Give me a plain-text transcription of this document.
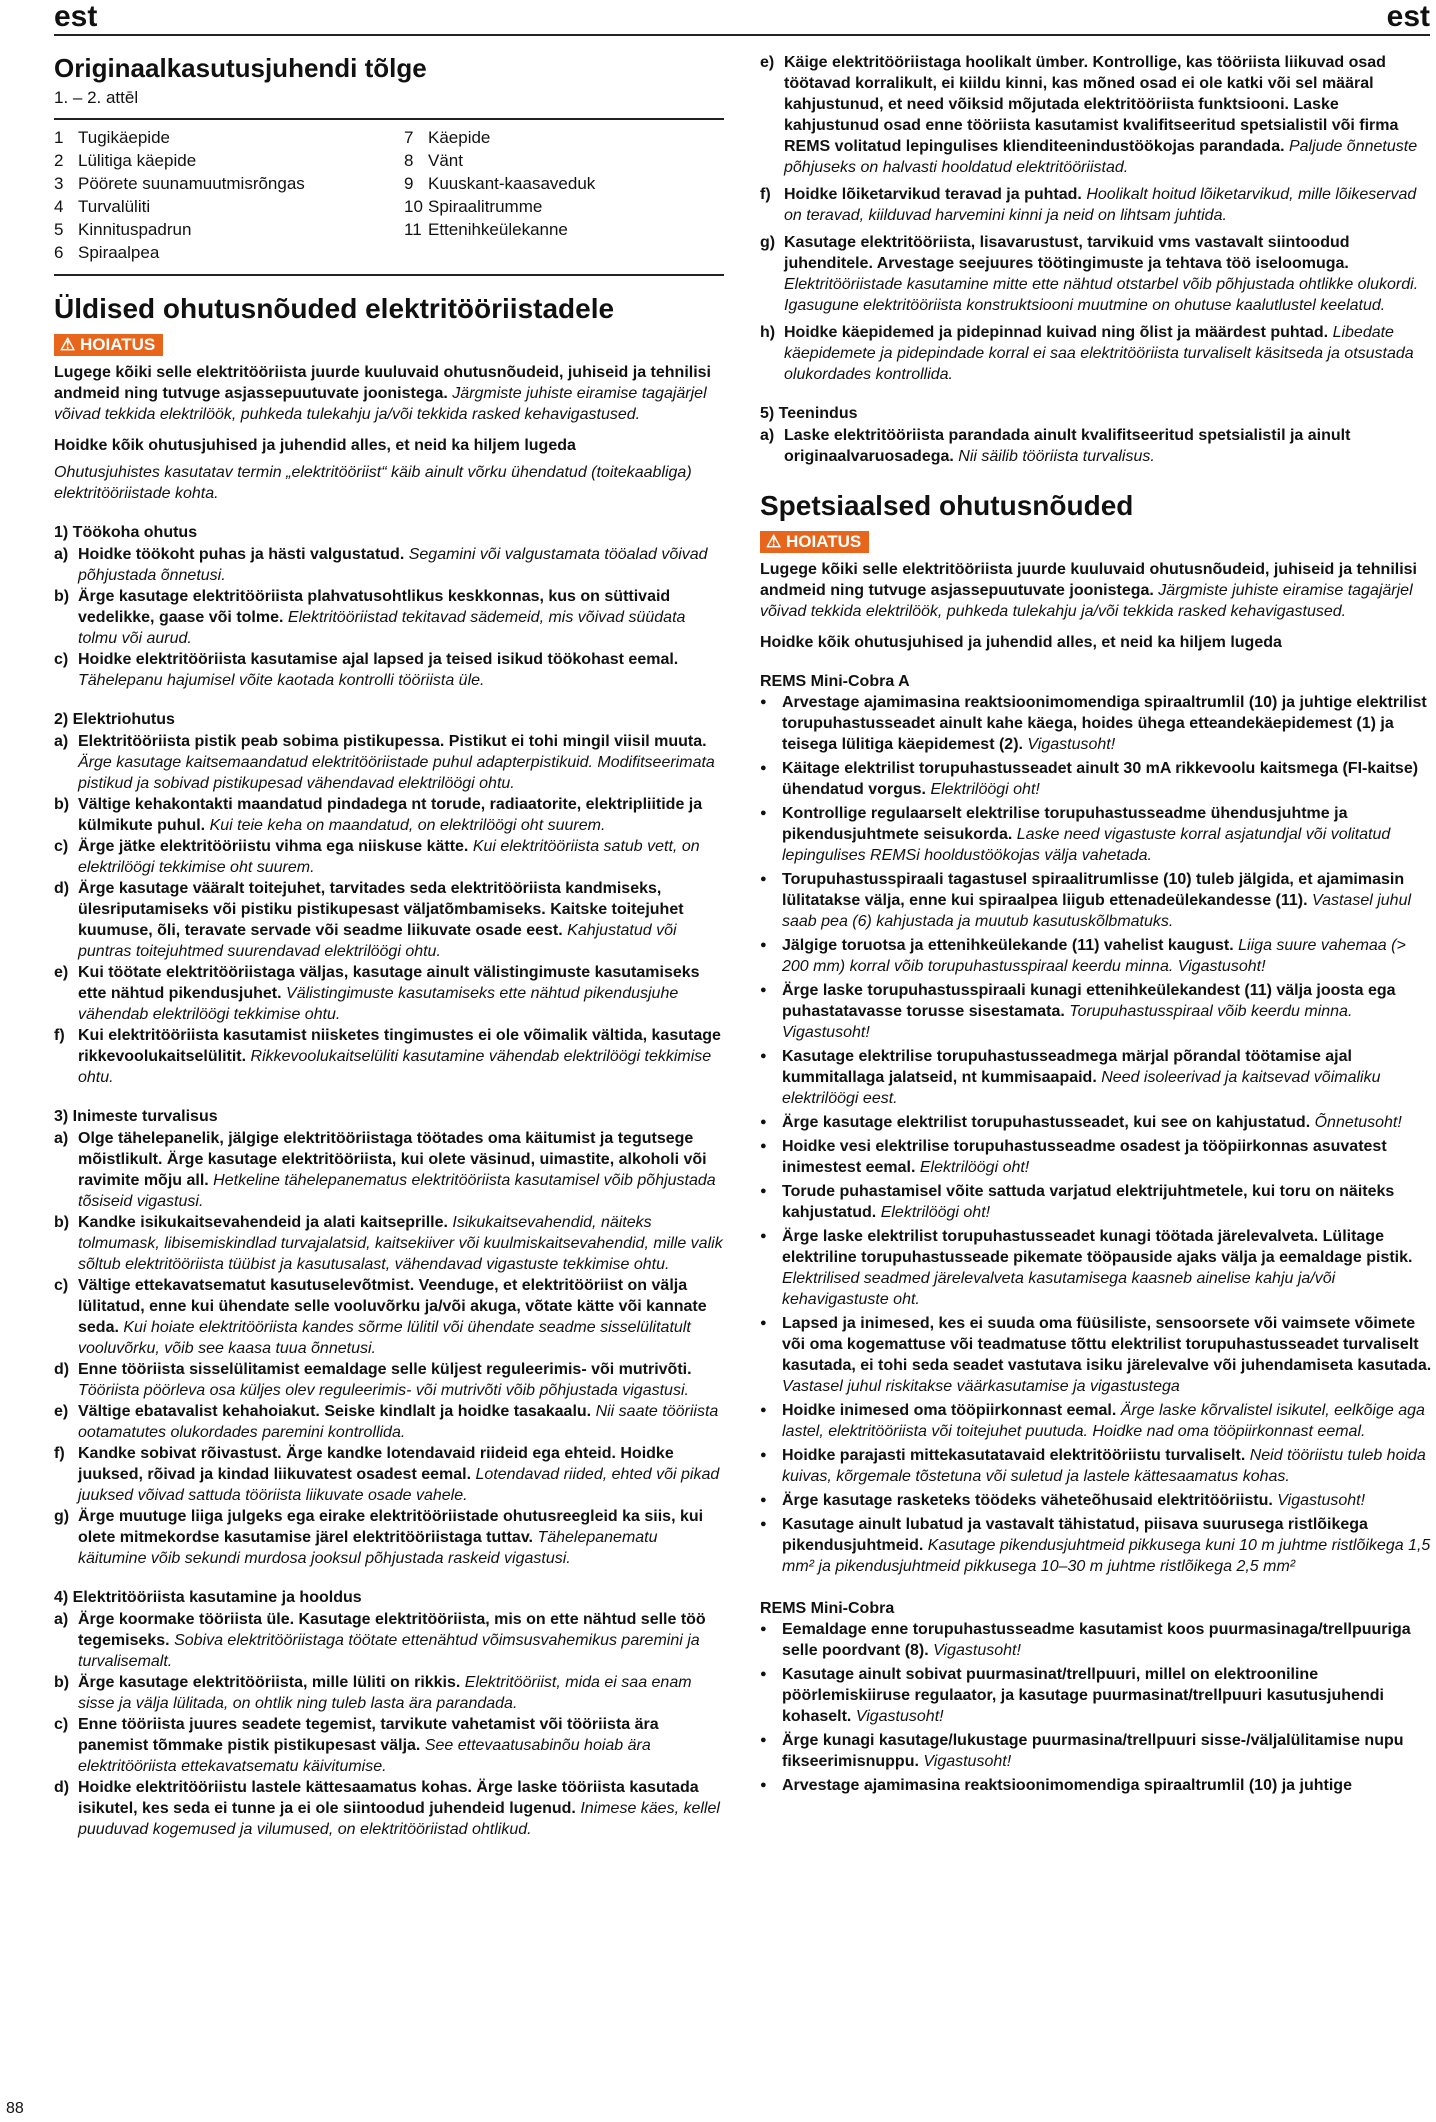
est	est
Originaalkasutusjuhendi tõlge
1. – 2. attēl
1 Tugikäepide	7 Käepide
2 Lülitiga käepide	8 Vänt
3 Pöörete suunamuutmisrõngas	9 Kuuskant-kaasaveduk
4 Turvalüliti	10 Spiraalitrumme
5 Kinnituspadrun	11 Ettenihkeülekanne
6 Spiraalpea
Üldised ohutusnõuded elektritööriistadele
⚠ HOIATUS

Lugege kõiki selle elektritööriista juurde kuuluvaid ohutusnõudeid, juhiseid ja tehnilisi andmeid ning tutvuge asjassepuutuvate joonistega. Järgmiste juhiste eiramise tagajärjel võivad tekkida elektrilöök, puhkeda tulekahju ja/või tekkida rasked kehavigastused.

Hoidke kõik ohutusjuhised ja juhendid alles, et neid ka hiljem lugeda

Ohutusjuhistes kasutatav termin „elektritööriist“ käib ainult võrku ühendatud (toitekaabliga) elektritööriistade kohta.

1) Töökoha ohutus
a) Hoidke töökoht puhas ja hästi valgustatud. Segamini või valgustamata tööalad võivad põhjustada õnnetusi.
b) Ärge kasutage elektritööriista plahvatusohtlikus keskkonnas, kus on süttivaid vedelikke, gaase või tolme. Elektritööriistad tekitavad sädemeid, mis võivad süüdata tolmu või aurud.
c) Hoidke elektritööriista kasutamise ajal lapsed ja teised isikud töökohast eemal. Tähelepanu hajumisel võite kaotada kontrolli tööriista üle.
2) Elektriohutus
a) Elektritööriista pistik peab sobima pistikupessa. Pistikut ei tohi mingil viisil muuta. Ärge kasutage kaitsemaandatud elektritööriistade puhul adapterpistikuid. Modifitseerimata pistikud ja sobivad pistikupesad vähendavad elektrilöögi ohtu.
b) Vältige kehakontakti maandatud pindadega nt torude, radiaatorite, elektripliitide ja külmikute puhul. Kui teie keha on maandatud, on elektrilöögi oht suurem.
c) Ärge jätke elektritööriistu vihma ega niiskuse kätte. Kui elektritööriista satub vett, on elektrilöögi tekkimise oht suurem.
d) Ärge kasutage vääralt toitejuhet, tarvitades seda elektritööriista kandmiseks, ülesriputamiseks või pistiku pistikupesast väljatõmbamiseks. Kaitske toitejuhet kuumuse, õli, teravate servade või seadme liikuvate osade eest. Kahjustatud või puntras toitejuhtmed suurendavad elektrilöögi ohtu.
e) Kui töötate elektritööriistaga väljas, kasutage ainult välistingimuste kasutamiseks ette nähtud pikendusjuhet. Välistingimuste kasutamiseks ette nähtud pikendusjuhe vähendab elektrilöögi tekkimise ohtu.
f) Kui elektritööriista kasutamist niisketes tingimustes ei ole võimalik vältida, kasutage rikkevoolukaitselülitit. Rikkevoolukaitselüliti kasutamine vähendab elektrilöögi tekkimise ohtu.
3) Inimeste turvalisus
a) Olge tähelepanelik, jälgige elektritööriistaga töötades oma käitumist ja tegutsege mõistlikult. Ärge kasutage elektritööriista, kui olete väsinud, uimastite, alkoholi või ravimite mõju all. Hetkeline tähelepanematus elektritööriista kasutamisel võib põhjustada tõsiseid vigastusi.
b) Kandke isikukaitsevahendeid ja alati kaitseprille. Isikukaitsevahendid, näiteks tolmumask, libisemiskindlad turvajalatsid, kaitsekiiver või kuulmiskaitsevahendid, mille valik sõltub elektritööriista tüübist ja kasutusalast, vähendavad vigastuste tekkimise ohtu.
c) Vältige ettekavatsematut kasutuselevõtmist. Veenduge, et elektritööriist on välja lülitatud, enne kui ühendate selle vooluvõrku ja/või akuga, võtate kätte või kannate seda. Kui hoiate elektritööriista kandes sõrme lülitil või ühendate seadme sisselülitatult vooluvõrku, võib see kaasa tuua õnnetusi.
d) Enne tööriista sisselülitamist eemaldage selle küljest reguleerimis- või mutrivõti. Tööriista pöörleva osa küljes olev reguleerimis- või mutrivõti võib põhjustada vigastusi.
e) Vältige ebatavalist kehahoiakut. Seiske kindlalt ja hoidke tasakaalu. Nii saate tööriista ootamatutes olukordades paremini kontrollida.
f) Kandke sobivat rõivastust. Ärge kandke lotendavaid riideid ega ehteid. Hoidke juuksed, rõivad ja kindad liikuvatest osadest eemal. Lotendavad riided, ehted või pikad juuksed võivad sattuda tööriista liikuvate osade vahele.
g) Ärge muutuge liiga julgeks ega eirake elektritööriistade ohutusreegleid ka siis, kui olete mitmekordse kasutamise järel elektritööriistaga tuttav. Tähelepanematu käitumine võib sekundi murdosa jooksul põhjustada raskeid vigastusi.
4) Elektritööriista kasutamine ja hooldus
a) Ärge koormake tööriista üle. Kasutage elektritööriista, mis on ette nähtud selle töö tegemiseks. Sobiva elektritööriistaga töötate ettenähtud võimsusvahemikus paremini ja turvalisemalt.
b) Ärge kasutage elektritööriista, mille lüliti on rikkis. Elektritööriist, mida ei saa enam sisse ja välja lülitada, on ohtlik ning tuleb lasta ära parandada.
c) Enne tööriista juures seadete tegemist, tarvikute vahetamist või tööriista ära panemist tõmmake pistik pistikupesast välja. See ettevaatusabinõu hoiab ära elektritööriista ettekavatsematu käivitumise.
d) Hoidke elektritööriistu lastele kättesaamatus kohas. Ärge laske tööriista kasutada isikutel, kes seda ei tunne ja ei ole siintoodud juhendeid lugenud. Inimese käes, kellel puuduvad kogemused ja vilumused, on elektritööriistad ohtlikud.
e) Käige elektritööriistaga hoolikalt ümber. Kontrollige, kas tööriista liikuvad osad töötavad korralikult, ei kiildu kinni, kas mõned osad ei ole katki või sel määral kahjustunud, et need võiksid mõjutada elektritööriista funktsiooni. Laske kahjustunud osad enne tööriista kasutamist kvalifitseeritud spetsialistil või firma REMS volitatud lepingulises klienditeenindustöökojas parandada. Paljude õnnetuste põhjuseks on halvasti hooldatud elektritööriistad.
f) Hoidke lõiketarvikud teravad ja puhtad. Hoolikalt hoitud lõiketarvikud, mille lõikeservad on teravad, kiilduvad harvemini kinni ja neid on lihtsam juhtida.
g) Kasutage elektritööriista, lisavarustust, tarvikuid vms vastavalt siintoodud juhenditele. Arvestage seejuures töötingimuste ja tehtava töö iseloomuga. Elektritööriistade kasutamine mitte ette nähtud otstarbel võib põhjustada ohtlikke olukordi. Igasugune elektritööriista konstruktsiooni muutmine on ohutuse kaalutlustel keelatud.
h) Hoidke käepidemed ja pidepinnad kuivad ning õlist ja määrdest puhtad. Libedate käepidemete ja pidepindade korral ei saa elektritööriista turvaliselt käsitseda ja otsustada olukordades kontrollida.
5) Teenindus
a) Laske elektritööriista parandada ainult kvalifitseeritud spetsialistil ja ainult originaalvaruosadega. Nii säilib tööriista turvalisus.
Spetsiaalsed ohutusnõuded
⚠ HOIATUS

Lugege kõiki selle elektritööriista juurde kuuluvaid ohutusnõudeid, juhiseid ja tehnilisi andmeid ning tutvuge asjassepuutuvate joonistega. Järgmiste juhiste eiramise tagajärjel võivad tekkida elektrilöök, puhkeda tulekahju ja/või tekkida rasked kehavigastused.

Hoidke kõik ohutusjuhised ja juhendid alles, et neid ka hiljem lugeda

REMS Mini-Cobra A

● Arvestage ajamimasina reaktsioonimomendiga spiraaltrumlil (10) ja juhtige elektrilist torupuhastusseadet ainult kahe käega, hoides ühega etteandekäepidemest (1) ja teisega lülitiga käepidemest (2). Vigastusoht!
● Käitage elektrilist torupuhastusseadet ainult 30 mA rikkevoolu kaitsmega (FI-kaitse) ühendatud vorgus. Elektrilöögi oht!
● Kontrollige regulaarselt elektrilise torupuhastusseadme ühendusjuhtme ja pikendusjuhtmete seisukorda. Laske need vigastuste korral asjatundjal või volitatud lepingulises REMSi hooldustöökojas välja vahetada.
● Torupuhastusspiraali tagastusel spiraalitrumlisse (10) tuleb jälgida, et ajamimasin lülitatakse välja, enne kui spiraalpea liigub ettenadeülekandesse (11). Vastasel juhul saab pea (6) kahjustada ja muutub kasutuskõlbmatuks.
● Jälgige toruotsa ja ettenihkeülekande (11) vahelist kaugust. Liiga suure vahemaa (> 200 mm) korral võib torupuhastusspiraal keerdu minna. Vigastusoht!
● Ärge laske torupuhastusspiraali kunagi ettenihkeülekandest (11) välja joosta ega puhastatavasse torusse sisestamata. Torupuhastusspiraal võib keerdu minna. Vigastusoht!
● Kasutage elektrilise torupuhastusseadmega märjal põrandal töötamise ajal kummitallaga jalatseid, nt kummisaapaid. Need isoleerivad ja kaitsevad võimaliku elektrilöögi eest.
● Ärge kasutage elektrilist torupuhastusseadet, kui see on kahjustatud. Õnnetusoht!
● Hoidke vesi elektrilise torupuhastusseadme osadest ja tööpiirkonnas asuvatest inimestest eemal. Elektrilöögi oht!
● Torude puhastamisel võite sattuda varjatud elektrijuhtmetele, kui toru on näiteks kahjustatud. Elektrilöögi oht!
● Ärge laske elektrilist torupuhastusseadet kunagi töötada järelevalveta. Lülitage elektriline torupuhastusseade pikemate tööpauside ajaks välja ja eemaldage pistik. Elektrilised seadmed järelevalveta kasutamisega kaasneb ainelise kahju ja/või kehavigastuste oht.
● Lapsed ja inimesed, kes ei suuda oma füüsiliste, sensoorsete või vaimsete võimete või oma kogemattuse või teadmatuse tõttu elektrilist torupuhastusseadet turvaliselt kasutada, ei tohi seda seadet vastutava isiku järelevalve või juhendamiseta kasutada. Vastasel juhul riskitakse väärkasutamise ja vigastustega
● Hoidke inimesed oma tööpiirkonnast eemal. Ärge laske kõrvalistel isikutel, eelkõige aga lastel, elektritööriista või toitejuhet puutuda. Hoidke nad oma tööpiirkonnast eemal.
● Hoidke parajasti mittekasutatavaid elektritööriistu turvaliselt. Neid tööriistu tuleb hoida kuivas, kõrgemale tõstetuna või suletud ja lastele kättesaamatus kohas.
● Ärge kasutage rasketeks töödeks väheteõhusaid elektritööriistu. Vigastusoht!
● Kasutage ainult lubatud ja vastavalt tähistatud, piisava suurusega ristlõikega pikendusjuhtmeid. Kasutage pikendusjuhtmeid pikkusega kuni 10 m juhtme ristlõikega 1,5 mm² ja pikendusjuhtmeid pikkusega 10–30 m juhtme ristlõikega 2,5 mm²

REMS Mini-Cobra

● Eemaldage enne torupuhastusseadme kasutamist koos puurmasinaga/trellpuuriga selle poordvant (8). Vigastusoht!
● Kasutage ainult sobivat puurmasinat/trellpuuri, millel on elektrooniline pöörlemiskiiruse regulaator, ja kasutage puurmasinat/trellpuuri kasutusjuhendi kohaselt. Vigastusoht!
● Ärge kunagi kasutage/lukustage puurmasina/trellpuuri sisse-/väljalülitamise nupu fikseerimisnuppu. Vigastusoht!
● Arvestage ajamimasina reaktsioonimomendiga spiraaltrumlil (10) ja juhtige
88
